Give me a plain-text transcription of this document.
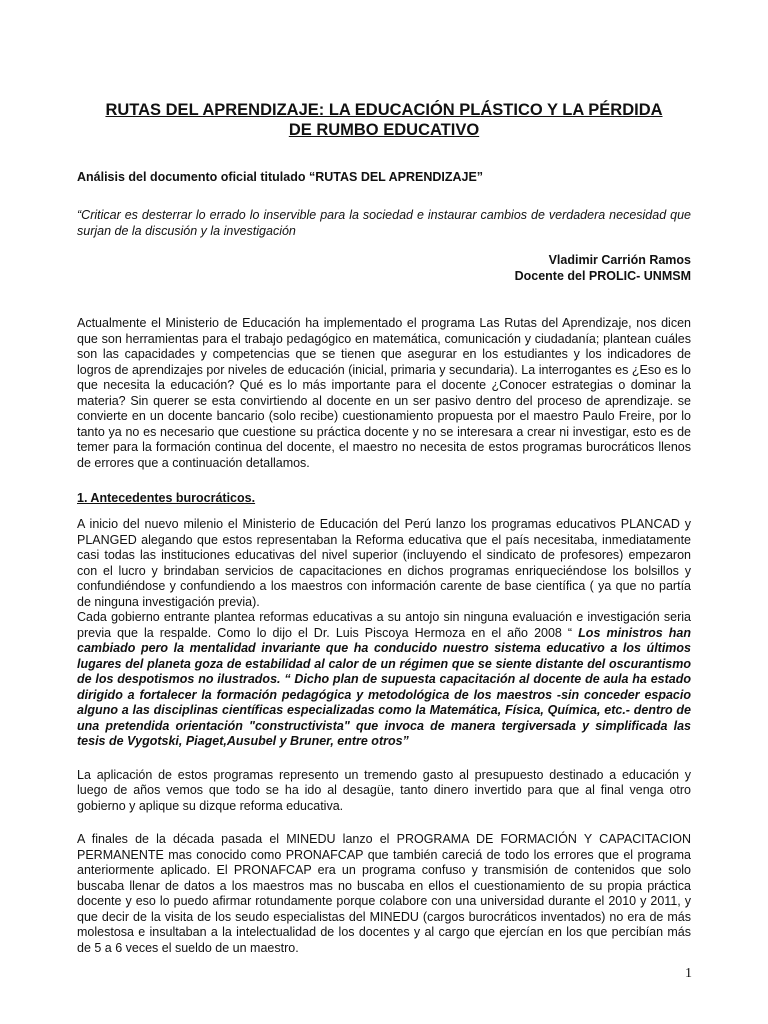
RUTAS DEL APRENDIZAJE: LA EDUCACIÓN PLÁSTICO Y LA PÉRDIDA
DE RUMBO EDUCATIVO
Análisis del documento oficial titulado “RUTAS DEL APRENDIZAJE”
“Criticar es desterrar lo errado lo inservible para la sociedad e instaurar cambios de verdadera necesidad que surjan de la discusión y la investigación
Vladimir Carrión Ramos
Docente del PROLIC- UNMSM

Actualmente el Ministerio de Educación ha implementado el programa Las Rutas del Aprendizaje, nos dicen que son herramientas para el trabajo pedagógico en matemática, comunicación y ciudadanía; plantean cuáles son las capacidades y competencias que se tienen que asegurar en los estudiantes y los indicadores de logros de aprendizajes por niveles de educación (inicial, primaria y secundaria). La interrogantes es ¿Eso es lo que necesita la educación? Qué es lo más importante para el docente ¿Conocer estrategias o dominar la materia? Sin querer se esta convirtiendo al docente en un ser pasivo dentro del proceso de aprendizaje. se convierte en un docente bancario (solo recibe) cuestionamiento propuesta por el maestro Paulo Freire, por lo tanto ya no es necesario que cuestione su práctica docente y no se interesara a crear ni investigar, esto es de temer para la formación continua del docente, el maestro no necesita de estos programas burocráticos llenos de errores que a continuación detallamos.

1. Antecedentes burocráticos.

A inicio del nuevo milenio el Ministerio de Educación del Perú lanzo los programas educativos PLANCAD y PLANGED alegando que estos representaban la Reforma educativa que el país necesitaba, inmediatamente casi todas las instituciones educativas del nivel superior (incluyendo el sindicato de profesores) empezaron con el lucro y brindaban servicios de capacitaciones en dichos programas enriqueciéndose los bolsillos y confundiéndose y confundiendo a los maestros con información carente de base científica ( ya que no partía de ninguna investigación previa).

Cada gobierno entrante plantea reformas educativas a su antojo sin ninguna evaluación e investigación seria previa que la respalde. Como lo dijo el Dr. Luis Piscoya Hermoza en el año 2008 “ Los ministros han cambiado pero la mentalidad invariante que ha conducido nuestro sistema educativo a los últimos lugares del planeta goza de estabilidad al calor de un régimen que se siente distante del oscurantismo de los despotismos no ilustrados. “ Dicho plan de supuesta capacitación al docente de aula ha estado dirigido a fortalecer la formación pedagógica y metodológica de los maestros -sin conceder espacio alguno a las disciplinas científicas especializadas como la Matemática, Física, Química, etc.- dentro de una pretendida orientación "constructivista" que invoca de manera tergiversada y simplificada las tesis de Vygotski, Piaget,Ausubel y Bruner, entre otros”

La aplicación de estos programas represento un tremendo gasto al presupuesto destinado a educación y luego de años vemos que todo se ha ido al desagüe, tanto dinero invertido para que al final venga otro gobierno y aplique su dizque reforma educativa.

A finales de la década pasada el MINEDU lanzo el PROGRAMA DE FORMACIÓN Y CAPACITACION PERMANENTE mas conocido como PRONAFCAP que también careciá de todo los errores que el programa anteriormente aplicado. El PRONAFCAP era un programa confuso y transmisión de contenidos que solo buscaba llenar de datos a los maestros mas no buscaba en ellos el cuestionamiento de su propia práctica docente y eso lo puedo afirmar rotundamente porque colabore con una universidad durante el 2010 y 2011, y que decir de la visita de los seudo especialistas del MINEDU (cargos burocráticos inventados) no era de más molestosa e insultaban a la intelectualidad de los docentes y al cargo que ejercían en los que percibían más de 5 a 6 veces el sueldo de un maestro.

1
